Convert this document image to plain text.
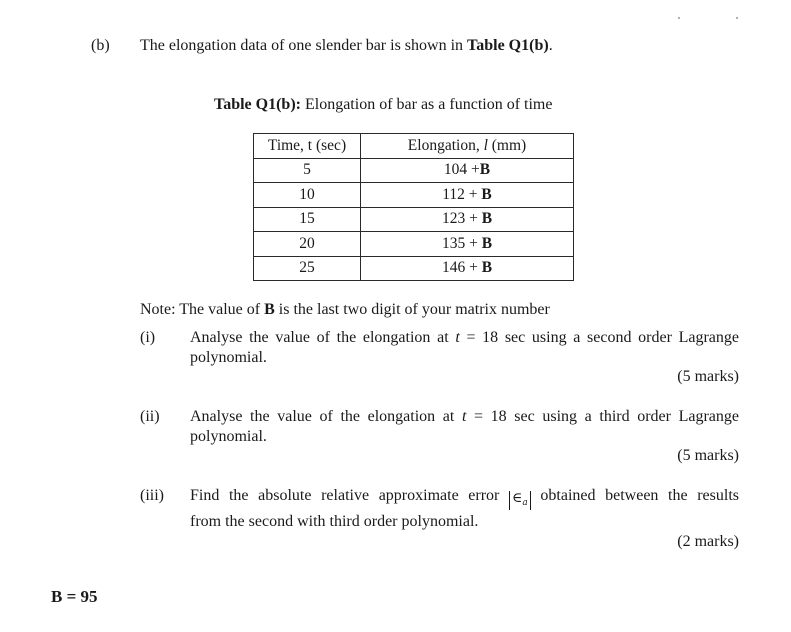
(b) The elongation data of one slender bar is shown in Table Q1(b).
Table Q1(b): Elongation of bar as a function of time
Time, t (sec)	Elongation, l (mm)
5	104 +B
10	112 + B
15	123 + B
20	135 + B
25	146 + B
Note: The value of B is the last two digit of your matrix number
(i) Analyse the value of the elongation at t = 18 sec using a second order Lagrange
polynomial.
(5 marks)
(ii) Analyse the value of the elongation at t = 18 sec using a third order Lagrange
polynomial.
(5 marks)
(iii) Find the absolute relative approximate error $\in_a$ obtained between the results
from the second with third order polynomial.
(2 marks)
B = 95
